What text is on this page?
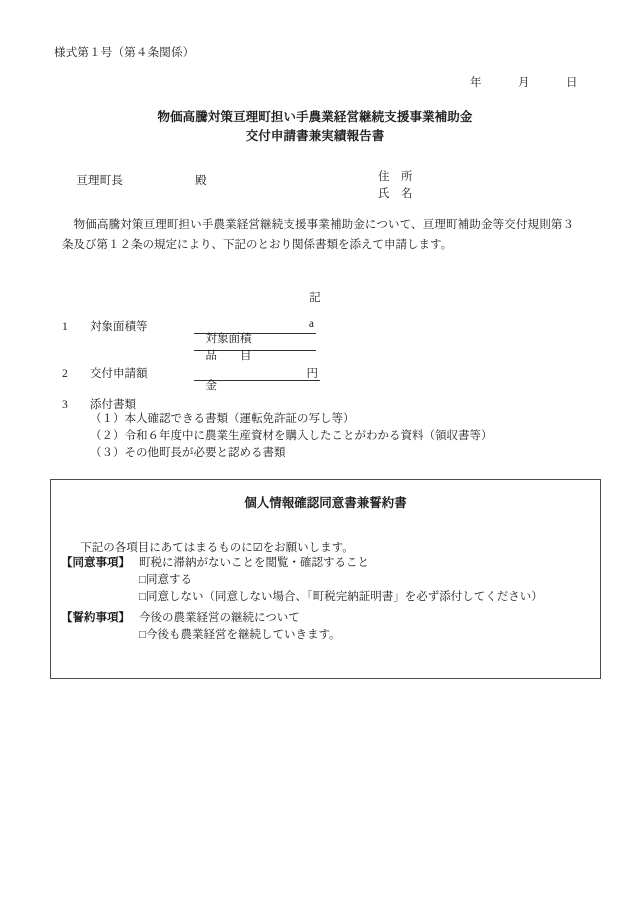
様式第１号（第４条関係）
年　　　月　　　日
物価高騰対策亘理町担い手農業経営継続支援事業補助金
交付申請書兼実績報告書

亘理町長	殿
	住　所
氏　名
　物価高騰対策亘理町担い手農業経営継続支援事業補助金について、亘理町補助金等交付規則第３条及び第１２条の規定により、下記のとおり関係書類を添えて申請します。
記
1	対象面積等

対象面積

a

品　　目

2	交付申請額

金

円

3	添付書類
（１）本人確認できる書類（運転免許証の写し等）
（２）令和６年度中に農業生産資材を購入したことがわかる資料（領収書等）
（３）その他町長が必要と認める書類
個人情報確認同意書兼誓約書

下記の各項目にあてはまるものに☑をお願いします。

【同意事項】 町税に滞納がないことを閲覧・確認すること
□同意する
□同意しない（同意しない場合、「町税完納証明書」を必ず添付してください）
【誓約事項】 今後の農業経営の継続について
□今後も農業経営を継続していきます。
